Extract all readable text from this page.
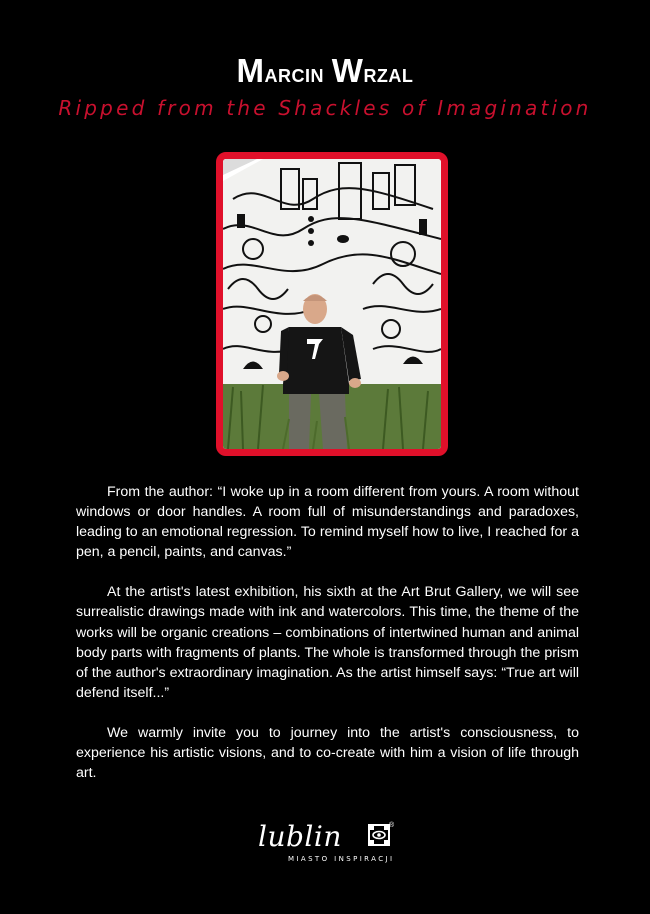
Marcin Wrzal
Ripped from the Shackles of Imagination

From the author: “I woke up in a room different from yours. A room without windows or door handles. A room full of misunderstandings and paradoxes, leading to an emotional regression. To remind myself how to live, I reached for a pen, a pencil, paints, and canvas.”

At the artist's latest exhibition, his sixth at the Art Brut Gallery, we will see surrealistic drawings made with ink and watercolors. This time, the theme of the works will be organic creations – combinations of intertwined human and animal body parts with fragments of plants. The whole is transformed through the prism of the author's extraordinary imagination. As the artist himself says: “True art will defend itself...”

We warmly invite you to journey into the artist's consciousness, to experience his artistic visions, and to co-create with him a vision of life through art.

lublin	®
MIASTO INSPIRACJI
